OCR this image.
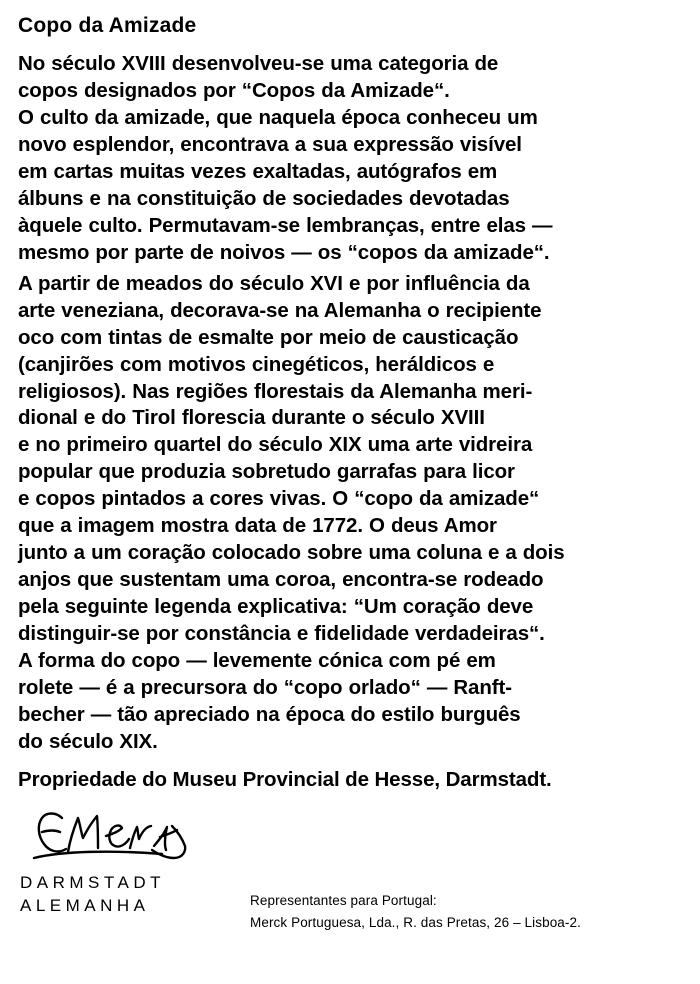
Copo da Amizade
No século XVIII desenvolveu-se uma categoria de
copos designados por “Copos da Amizade“.
O culto da amizade, que naquela época conheceu um
novo esplendor, encontrava a sua expressão visível
em cartas muitas vezes exaltadas, autógrafos em
álbuns e na constituição de sociedades devotadas
àquele culto. Permutavam-se lembranças, entre elas —
mesmo por parte de noivos — os “copos da amizade“.
A partir de meados do século XVI e por influência da
arte veneziana, decorava-se na Alemanha o recipiente
oco com tintas de esmalte por meio de causticação
(canjirões com motivos cinegéticos, heráldicos e
religiosos). Nas regiões florestais da Alemanha meri-
dional e do Tirol florescia durante o século XVIII
e no primeiro quartel do século XIX uma arte vidreira
popular que produzia sobretudo garrafas para licor
e copos pintados a cores vivas. O “copo da amizade“
que a imagem mostra data de 1772. O deus Amor
junto a um coração colocado sobre uma coluna e a dois
anjos que sustentam uma coroa, encontra-se rodeado
pela seguinte legenda explicativa: “Um coração deve
distinguir-se por constância e fidelidade verdadeiras“.
A forma do copo — levemente cónica com pé em
rolete — é a precursora do “copo orlado“ — Ranft-
becher — tão apreciado na época do estilo burguês
do século XIX.

Propriedade do Museu Provincial de Hesse, Darmstadt.

DARMSTADT
ALEMANHA	Representantes para Portugal:
Merck Portuguesa, Lda., R. das Pretas, 26 – Lisboa-2.
